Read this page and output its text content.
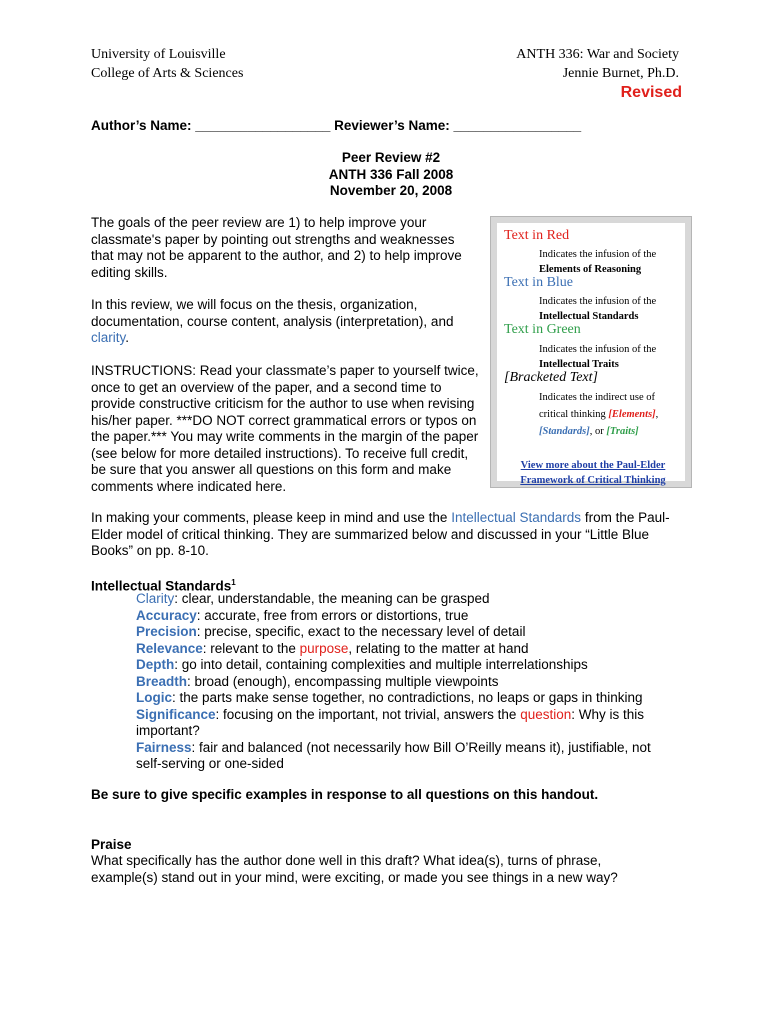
University of Louisville
College of Arts & Sciences
ANTH 336: War and Society
Jennie Burnet, Ph.D.
Revised
Author’s Name: __________________ Reviewer’s Name: _________________
Peer Review #2
ANTH 336 Fall 2008
November 20, 2008

The goals of the peer review are 1) to help improve your classmate's paper by pointing out strengths and weaknesses that may not be apparent to the author, and 2) to help improve editing skills.

In this review, we will focus on the thesis, organization, documentation, course content, analysis (interpretation), and clarity.

INSTRUCTIONS: Read your classmate’s paper to yourself twice, once to get an overview of the paper, and a second time to provide constructive criticism for the author to use when revising his/her paper. ***DO NOT correct grammatical errors or typos on the paper.*** You may write comments in the margin of the paper (see below for more detailed instructions). To receive full credit, be sure that you answer all questions on this form and make comments where indicated here.

Text in Red
Indicates the infusion of the
Elements of Reasoning
Text in Blue
Indicates the infusion of the
Intellectual Standards
Text in Green
Indicates the infusion of the
Intellectual Traits
[Bracketed Text]
Indicates the indirect use of
critical thinking [Elements],
[Standards], or [Traits]
View more about the Paul-Elder Framework of Critical Thinking

In making your comments, please keep in mind and use the Intellectual Standards from the Paul-Elder model of critical thinking. They are summarized below and discussed in your “Little Blue Books” on pp. 8-10.

Intellectual Standards$^1$
Clarity: clear, understandable, the meaning can be grasped
Accuracy: accurate, free from errors or distortions, true
Precision: precise, specific, exact to the necessary level of detail
Relevance: relevant to the purpose, relating to the matter at hand
Depth: go into detail, containing complexities and multiple interrelationships
Breadth: broad (enough), encompassing multiple viewpoints
Logic: the parts make sense together, no contradictions, no leaps or gaps in thinking
Significance: focusing on the important, not trivial, answers the question: Why is this important?
Fairness: fair and balanced (not necessarily how Bill O’Reilly means it), justifiable, not self-serving or one-sided
Be sure to give specific examples in response to all questions on this handout.
Praise

What specifically has the author done well in this draft? What idea(s), turns of phrase, example(s) stand out in your mind, were exciting, or made you see things in a new way?
